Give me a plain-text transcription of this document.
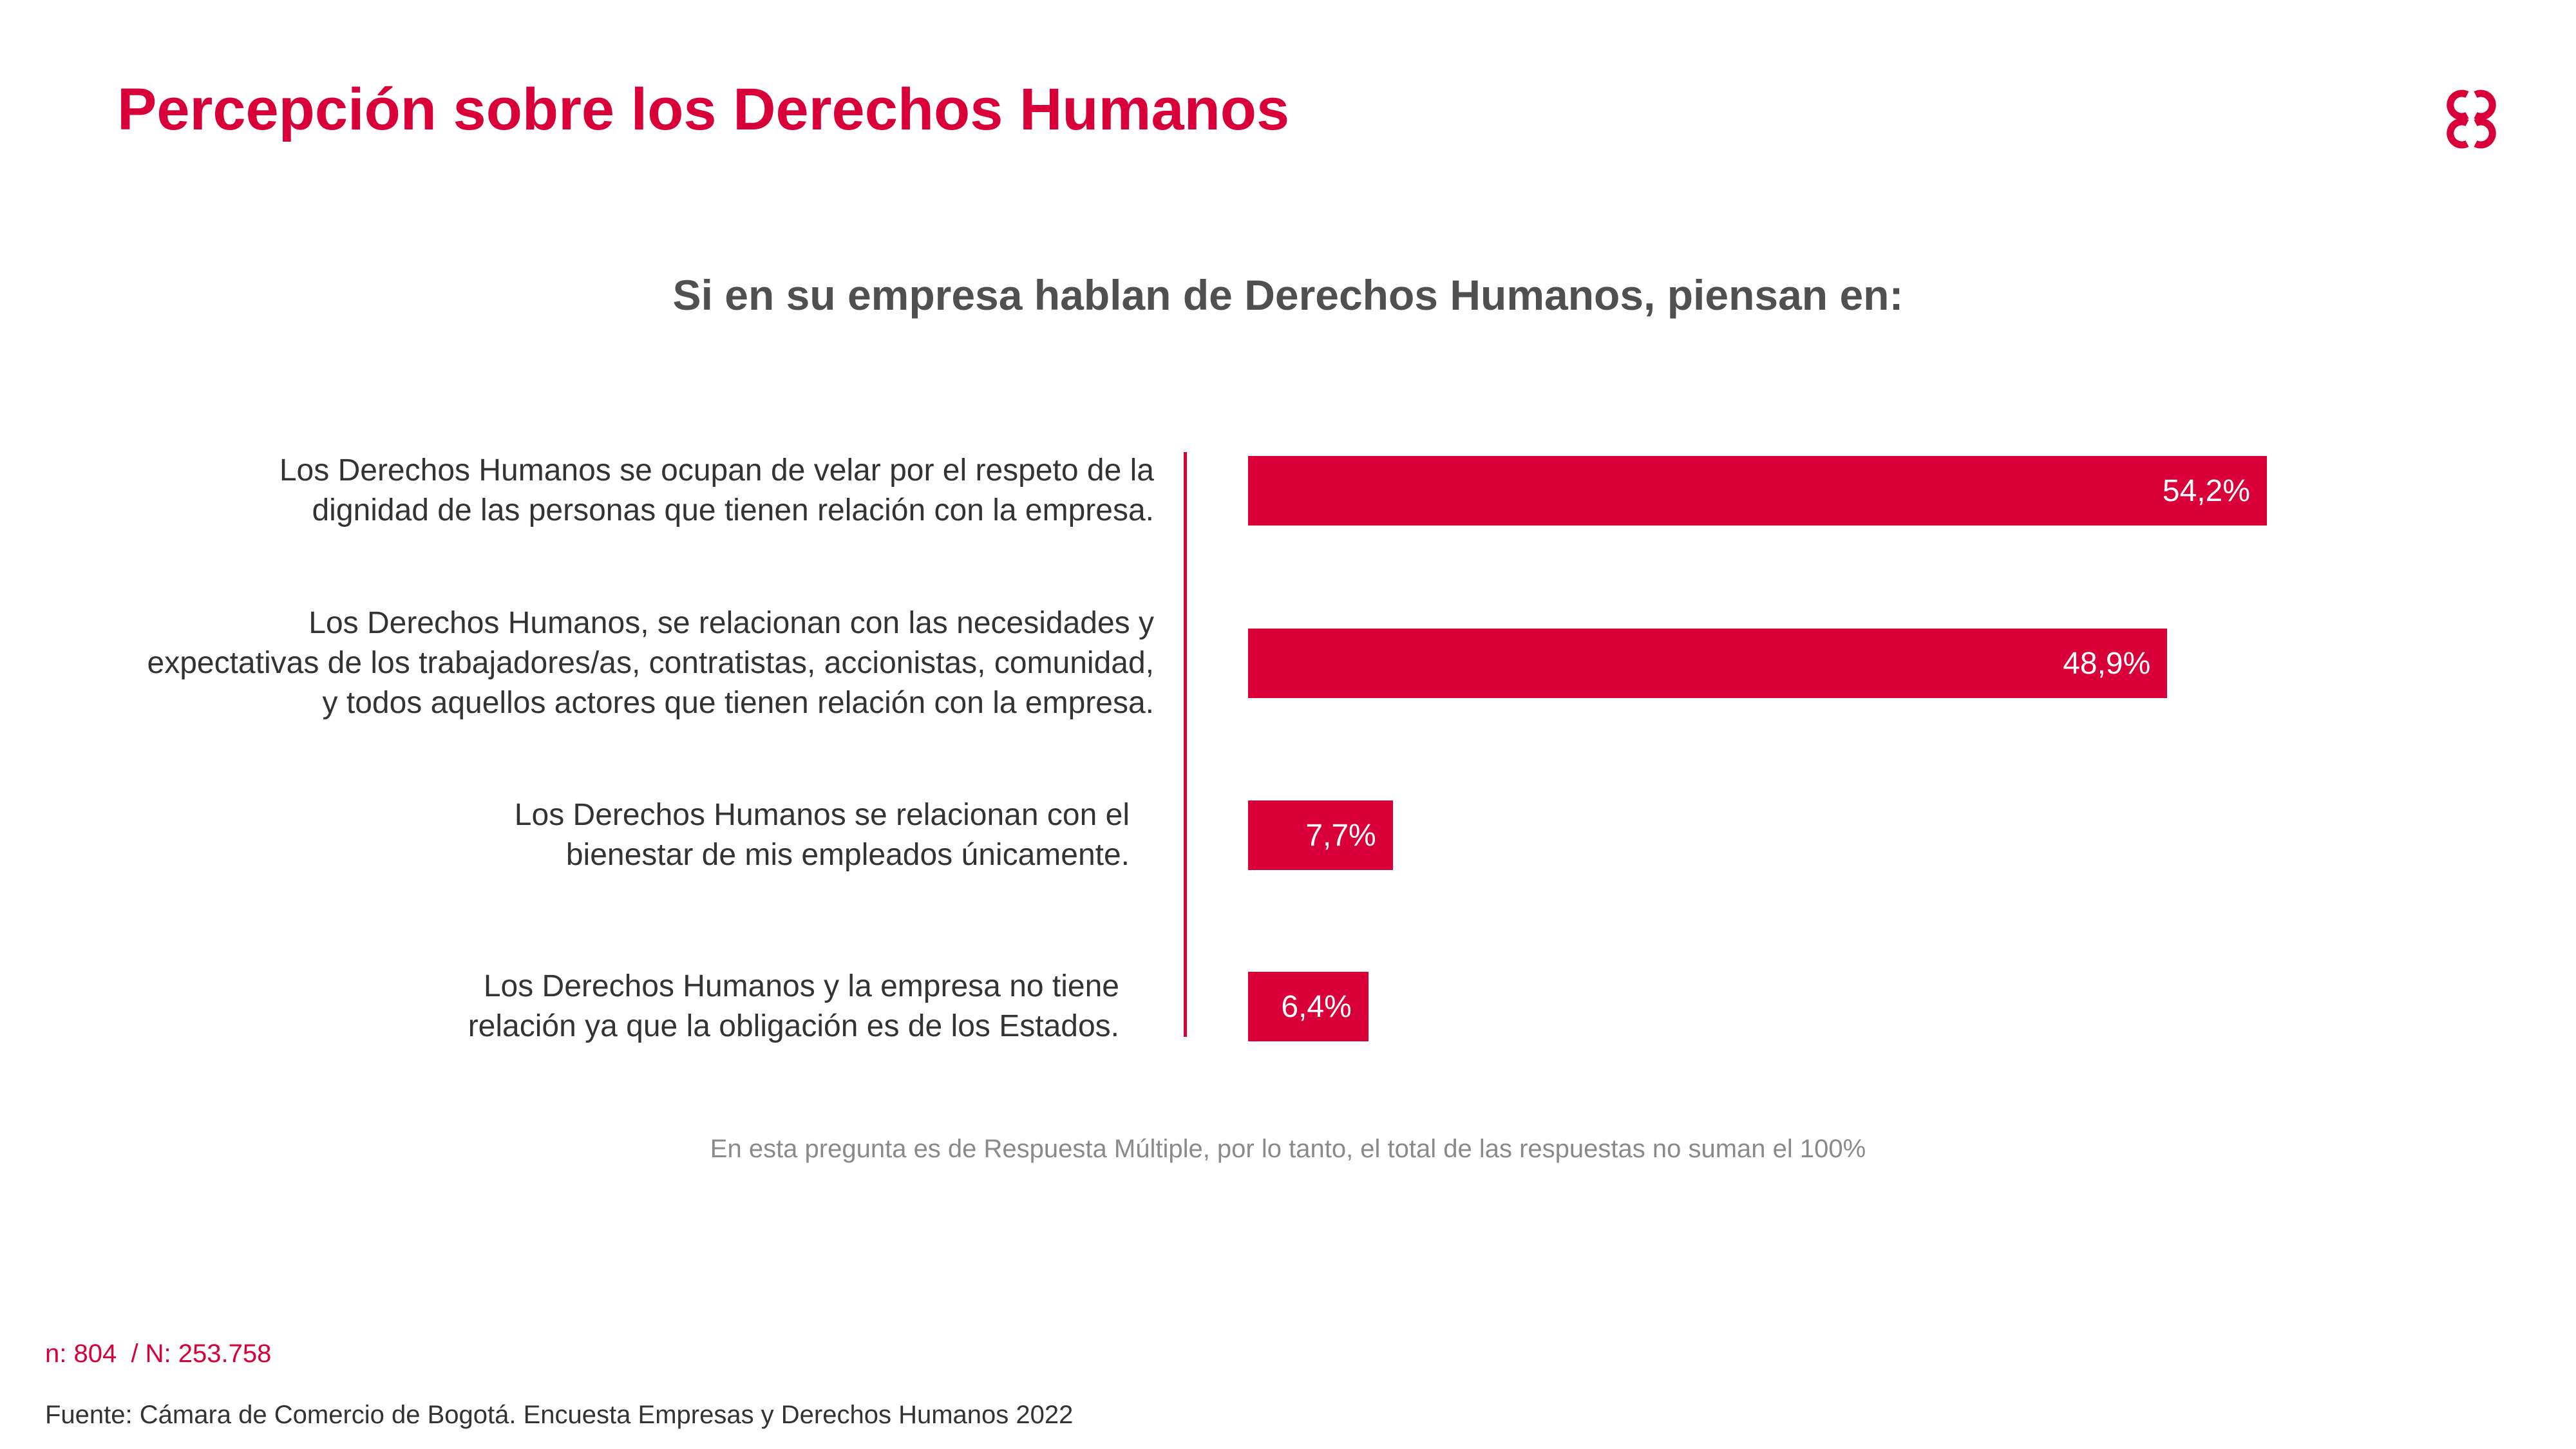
Percepción sobre los Derechos Humanos
Si en su empresa hablan de Derechos Humanos, piensan en:
Los Derechos Humanos se ocupan de velar por el respeto de la
dignidad de las personas que tienen relación con la empresa.
54,2%
Los Derechos Humanos, se relacionan con las necesidades y
expectativas de los trabajadores/as, contratistas, accionistas, comunidad,
y todos aquellos actores que tienen relación con la empresa.
48,9%
Los Derechos Humanos se relacionan con el
bienestar de mis empleados únicamente.
7,7%
Los Derechos Humanos y la empresa no tiene
relación ya que la obligación es de los Estados.
6,4%
En esta pregunta es de Respuesta Múltiple, por lo tanto, el total de las respuestas no suman el 100%
n: 804  / N: 253.758
Fuente: Cámara de Comercio de Bogotá. Encuesta Empresas y Derechos Humanos 2022
